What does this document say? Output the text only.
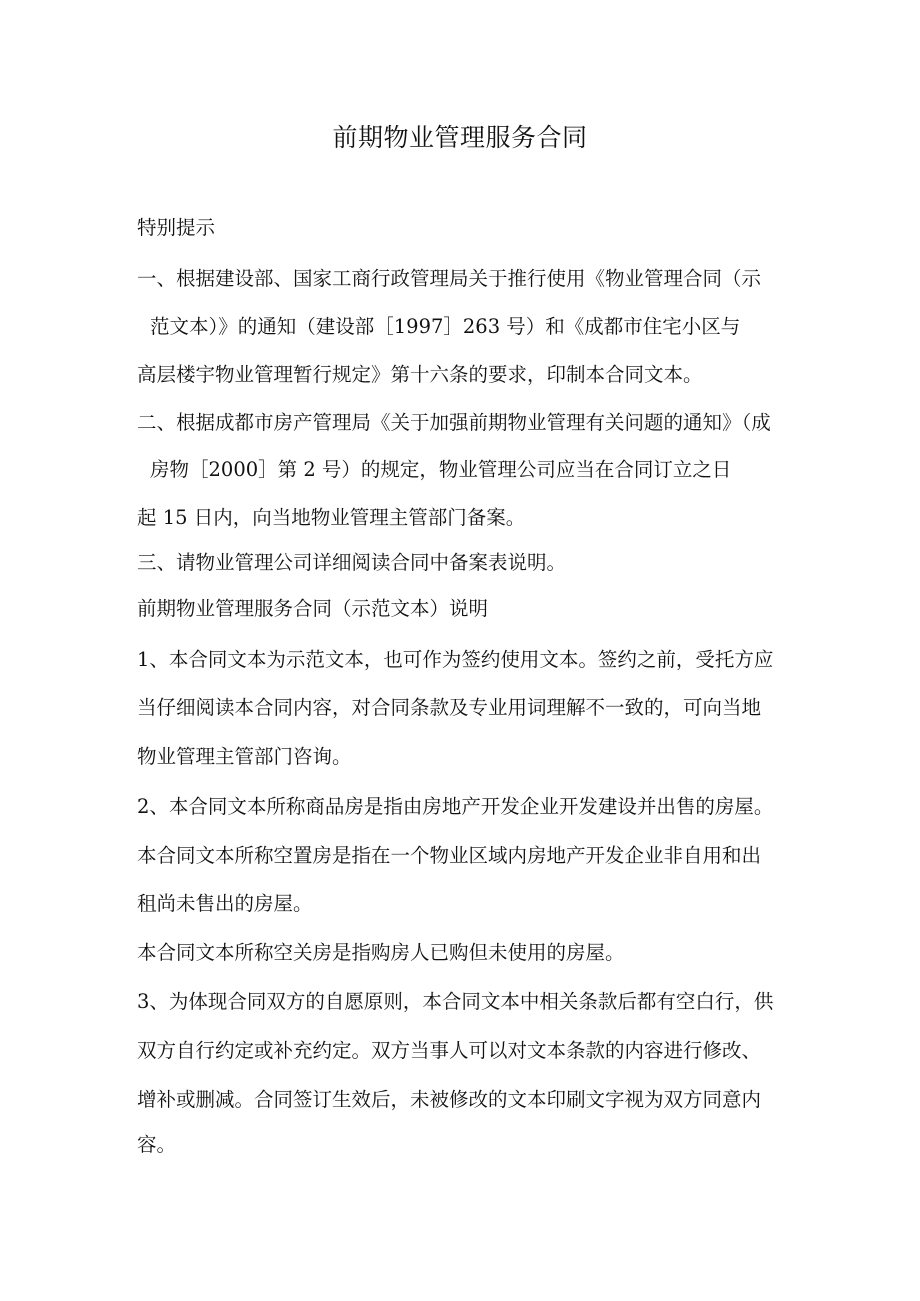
前期物业管理服务合同
特别提示
一、根据建设部、国家工商行政管理局关于推行使用《物业管理合同（示
范文本）》的通知（建设部［1997］263 号）和《成都市住宅小区与
高层楼宇物业管理暂行规定》第十六条的要求，印制本合同文本。
二、根据成都市房产管理局《关于加强前期物业管理有关问题的通知》（成
房物［2000］第 2 号）的规定，物业管理公司应当在合同订立之日
起 15 日内，向当地物业管理主管部门备案。
三、请物业管理公司详细阅读合同中备案表说明。
前期物业管理服务合同（示范文本）说明
1、本合同文本为示范文本，也可作为签约使用文本。签约之前，受托方应
当仔细阅读本合同内容，对合同条款及专业用词理解不一致的，可向当地
物业管理主管部门咨询。
2、本合同文本所称商品房是指由房地产开发企业开发建设并出售的房屋。
本合同文本所称空置房是指在一个物业区域内房地产开发企业非自用和出
租尚未售出的房屋。
本合同文本所称空关房是指购房人已购但未使用的房屋。
3、为体现合同双方的自愿原则，本合同文本中相关条款后都有空白行，供
双方自行约定或补充约定。双方当事人可以对文本条款的内容进行修改、
增补或删减。合同签订生效后，未被修改的文本印刷文字视为双方同意内
容。
